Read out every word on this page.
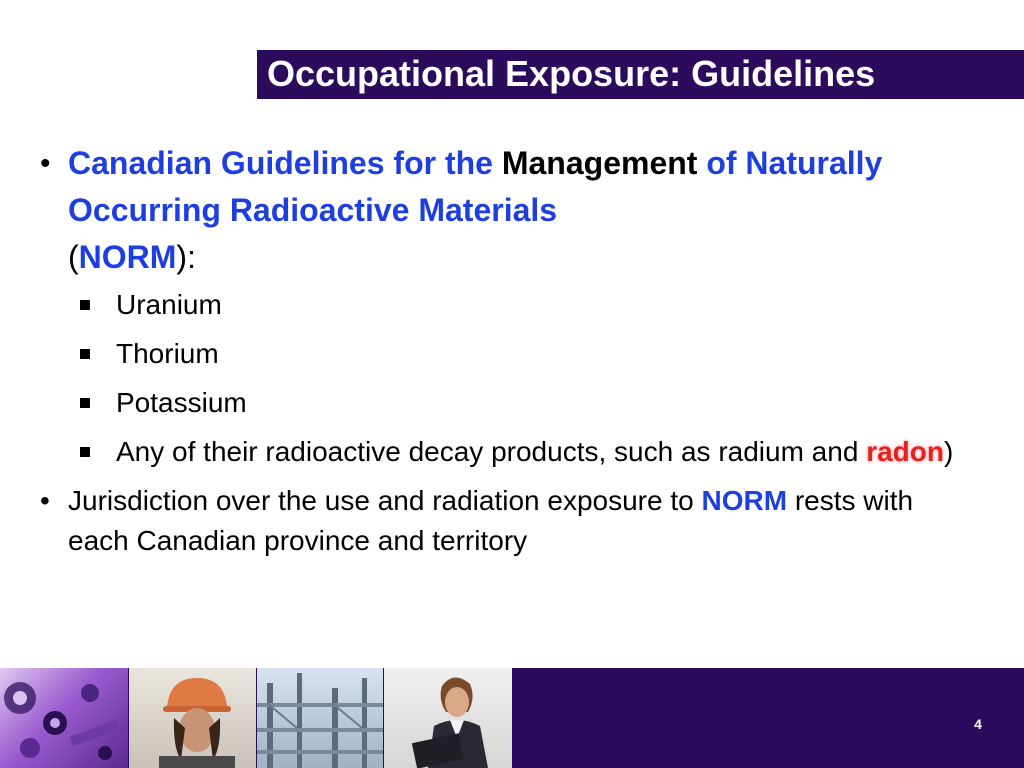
Occupational Exposure: Guidelines
• Canadian Guidelines for the Management of Naturally Occurring Radioactive Materials
(NORM):
Uranium
Thorium
Potassium
Any of their radioactive decay products, such as radium and radon)
• Jurisdiction over the use and radiation exposure to NORM rests with each Canadian province and territory
4
